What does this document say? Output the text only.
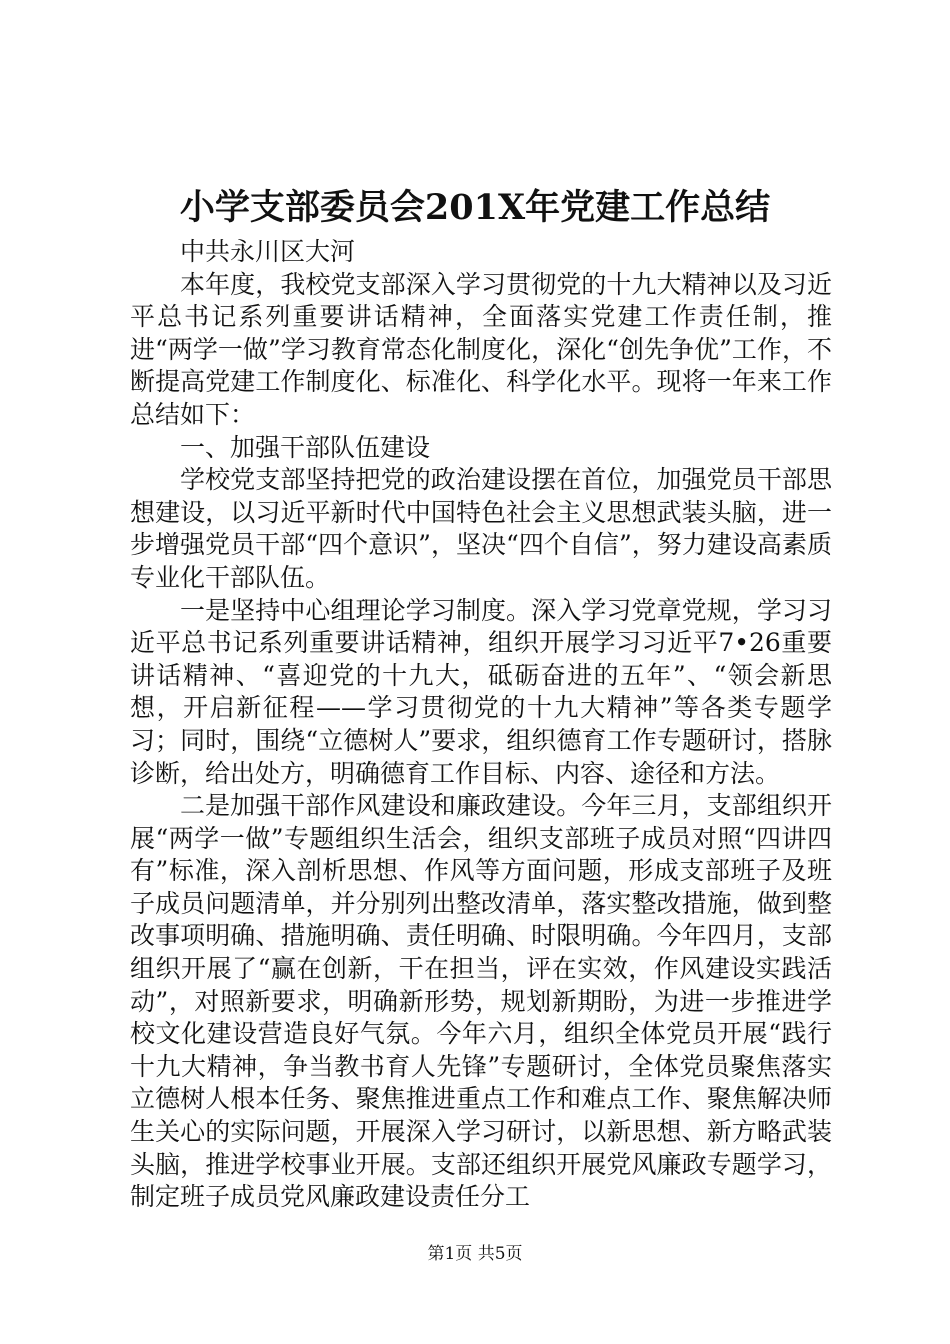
小学支部委员会201X年党建工作总结

中共永川区大河

本年度，我校党支部深入学习贯彻党的十九大精神以及习近平总书记系列重要讲话精神，全面落实党建工作责任制，推进“两学一做”学习教育常态化制度化，深化“创先争优”工作，不断提高党建工作制度化、标准化、科学化水平。现将一年来工作总结如下：

一、加强干部队伍建设

学校党支部坚持把党的政治建设摆在首位，加强党员干部思想建设，以习近平新时代中国特色社会主义思想武装头脑，进一步增强党员干部“四个意识”，坚决“四个自信”，努力建设高素质专业化干部队伍。

一是坚持中心组理论学习制度。深入学习党章党规，学习习近平总书记系列重要讲话精神，组织开展学习习近平7•26重要讲话精神、“喜迎党的十九大，砥砺奋进的五年”、“领会新思想，开启新征程——学习贯彻党的十九大精神”等各类专题学习；同时，围绕“立德树人”要求，组织德育工作专题研讨，搭脉诊断，给出处方，明确德育工作目标、内容、途径和方法。

二是加强干部作风建设和廉政建设。今年三月，支部组织开展“两学一做”专题组织生活会，组织支部班子成员对照“四讲四有”标准，深入剖析思想、作风等方面问题，形成支部班子及班子成员问题清单，并分别列出整改清单，落实整改措施，做到整改事项明确、措施明确、责任明确、时限明确。今年四月，支部组织开展了“赢在创新，干在担当，评在实效，作风建设实践活动”，对照新要求，明确新形势，规划新期盼，为进一步推进学校文化建设营造良好气氛。今年六月，组织全体党员开展“践行十九大精神，争当教书育人先锋”专题研讨，全体党员聚焦落实立德树人根本任务、聚焦推进重点工作和难点工作、聚焦解决师生关心的实际问题，开展深入学习研讨，以新思想、新方略武装头脑，推进学校事业开展。支部还组织开展党风廉政专题学习，制定班子成员党风廉政建设责任分工

第1页 共5页
